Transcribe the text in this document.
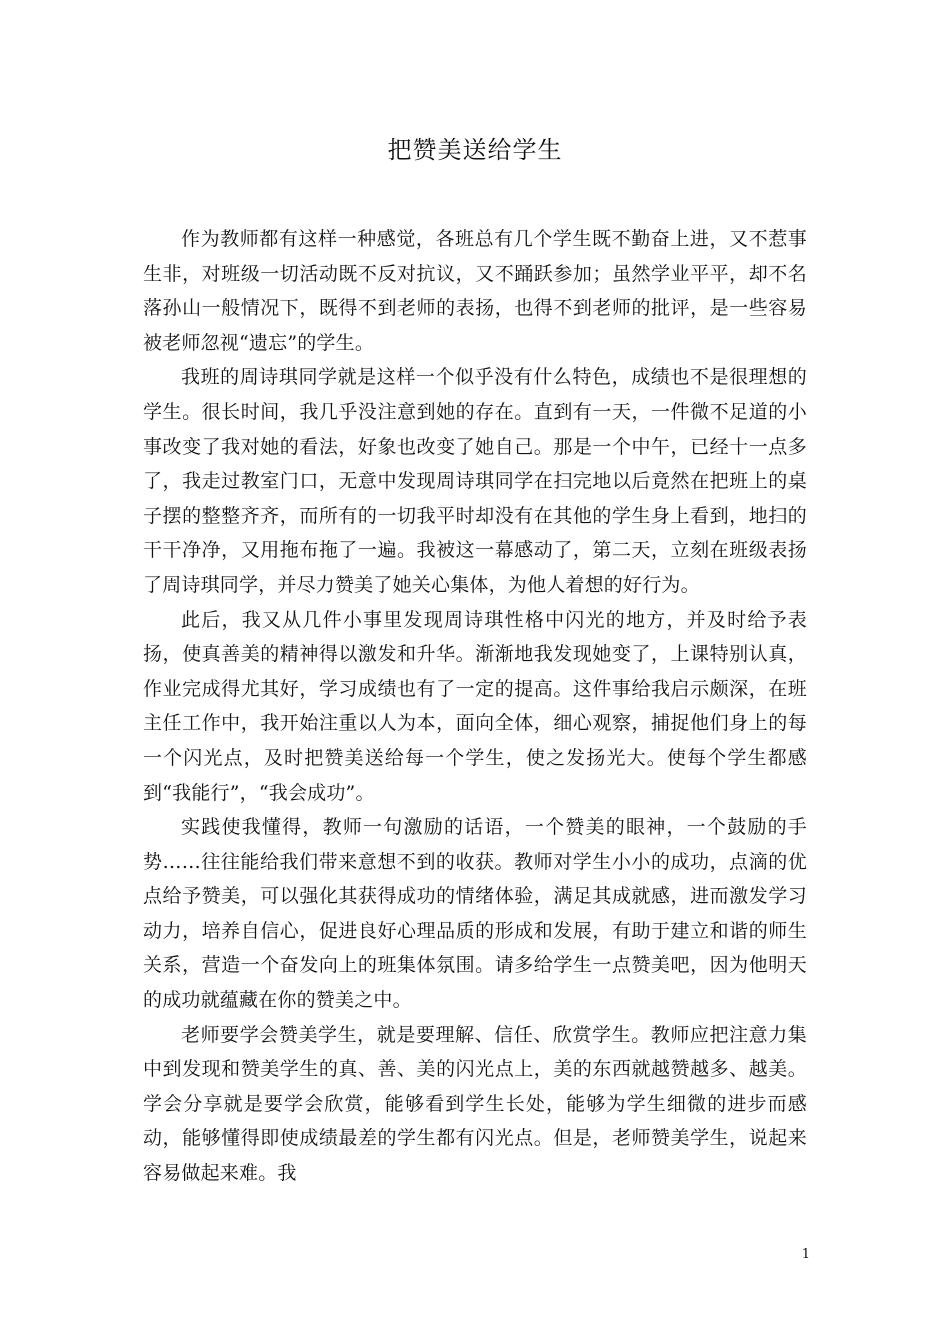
把赞美送给学生

作为教师都有这样一种感觉，各班总有几个学生既不勤奋上进，又不惹事生非，对班级一切活动既不反对抗议，又不踊跃参加；虽然学业平平，却不名落孙山一般情况下，既得不到老师的表扬，也得不到老师的批评，是一些容易被老师忽视“遗忘”的学生。

我班的周诗琪同学就是这样一个似乎没有什么特色，成绩也不是很理想的学生。很长时间，我几乎没注意到她的存在。直到有一天，一件微不足道的小事改变了我对她的看法，好象也改变了她自己。那是一个中午，已经十一点多了，我走过教室门口，无意中发现周诗琪同学在扫完地以后竟然在把班上的桌子摆的整整齐齐，而所有的一切我平时却没有在其他的学生身上看到，地扫的干干净净，又用拖布拖了一遍。我被这一幕感动了，第二天，立刻在班级表扬了周诗琪同学，并尽力赞美了她关心集体，为他人着想的好行为。

此后，我又从几件小事里发现周诗琪性格中闪光的地方，并及时给予表扬，使真善美的精神得以激发和升华。渐渐地我发现她变了，上课特别认真，作业完成得尤其好，学习成绩也有了一定的提高。这件事给我启示颇深，在班主任工作中，我开始注重以人为本，面向全体，细心观察，捕捉他们身上的每一个闪光点，及时把赞美送给每一个学生，使之发扬光大。使每个学生都感到“我能行”，“我会成功”。

实践使我懂得，教师一句激励的话语，一个赞美的眼神，一个鼓励的手势……往往能给我们带来意想不到的收获。教师对学生小小的成功，点滴的优点给予赞美，可以强化其获得成功的情绪体验，满足其成就感，进而激发学习动力，培养自信心，促进良好心理品质的形成和发展，有助于建立和谐的师生关系，营造一个奋发向上的班集体氛围。请多给学生一点赞美吧，因为他明天的成功就蕴藏在你的赞美之中。

老师要学会赞美学生，就是要理解、信任、欣赏学生。教师应把注意力集中到发现和赞美学生的真、善、美的闪光点上，美的东西就越赞越多、越美。学会分享就是要学会欣赏，能够看到学生长处，能够为学生细微的进步而感动，能够懂得即使成绩最差的学生都有闪光点。但是，老师赞美学生，说起来容易做起来难。我

1
